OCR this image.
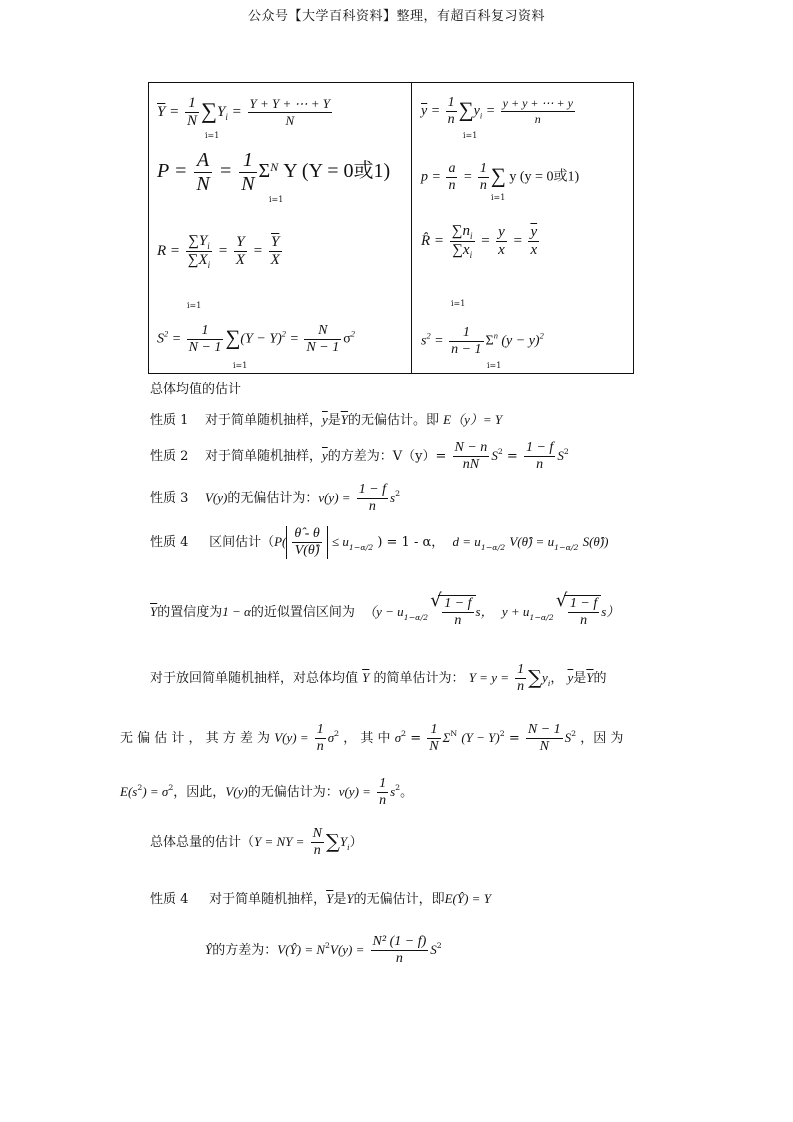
公众号【大学百科资料】整理，有超百科复习资料
$\overline{Y} = \frac{1}{N} \sum Y_i = \frac{Y + Y + \cdots + Y}{N}$
i=1
$P = \frac{A}{N} = \frac{1}{N} \Sigma^N$ Y (Y = 0或1)
i=1
$R = \frac{\sum Y_i}{\sum X_i} = \frac{Y}{X} = \frac{\overline{Y}}{X}$
i=1
$S^2 = \frac{1}{N - 1} \sum(Y - Y)^2 = \frac{N}{N - 1} \sigma^2$
i=1
$\overline{y} = \frac{1}{n} \sum y_i = \frac{y + y + \cdots + y}{n}$
i=1
$p = \frac{a}{n} = \frac{1}{n}$ ∑ y (y = 0或1)
i=1
R̂ = $\frac{\sum n_i}{\sum x_i} = \frac{y}{x} = \frac{\overline{y}}{x}$
i=1
$s^2 = \frac{1}{n - 1} \Sigma^n$ $(y - y)^2$
i=1
总体均值的估计
性质 1 对于简单随机抽样，$\overline{y}$是$\overline{Y}$的无偏估计。即 E（y）= Y
性质 2 对于简单随机抽样，$\overline{y}$的方差为：$V(y)= \frac{N - n}{nN} S^2 = \frac{1 - f}{n} S^2$
性质 3 V(y)的无偏估计为：$v(y) = \frac{1 - f}{n} s^2$
性质 4 区间估计（$P( \frac{\thetâ - \theta}{V(\thetâ)} \le u_{1-\alpha/2}$ ) = 1 - α， $d = u_{1-\alpha/2}$ V(θ̂) = $u_{1-\alpha/2}$ S(θ̂))
$\overline{Y}$的置信度为1 − α的近似置信区间为 （$y - u_{1-\alpha/2}$ √ $\frac{1 - f}{n}$ s， $y + u_{1-\alpha/2}$ √ $\frac{1 - f}{n} s$）
对于放回简单随机抽样，对总体均值 $\overline{Y}$ 的简单估计为： $Y = y = \frac{1}{n} \sum y_i$， $\overline{y}$是$\overline{Y}$的
无 偏 估 计 ， 其 方 差 为 $V(y) = \frac{1}{n} \sigma^2$ ， 其 中 $\sigma^2 = \frac{1}{N} \Sigma^N$ $(Y - Y)^2 = \frac{N - 1}{N} S^2$ ，因 为
$E(s^2) = \sigma^2$，因此，V(y)的无偏估计为：$v(y) = \frac{1}{n} s^2$。
总体总量的估计（Y = NY = $\frac{N}{n} \sum Y_i$）
性质 4 对于简单随机抽样，$\overline{Y}$是Y的无偏估计，即E(Ŷ) = Y
Ŷ的方差为：V(Ŷ) = $N^2V(y) = \frac{\text{N² (1 − f)}}{n} S^2$
